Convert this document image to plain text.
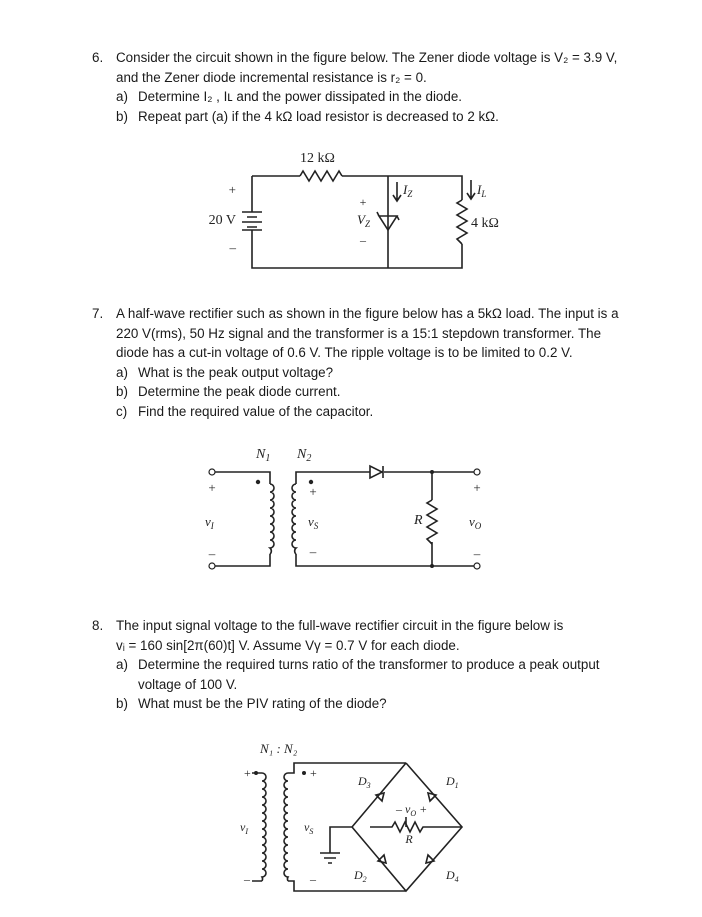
6. Consider the circuit shown in the figure below. The Zener diode voltage is V₂ = 3.9 V,
and the Zener diode incremental resistance is r₂ = 0.
a) Determine I₂ , Iʟ and the power dissipated in the diode.
b) Repeat part (a) if the 4 kΩ load resistor is decreased to 2 kΩ.
12 kΩ
+
20 V
–
+
$V_Z$
–
$I_Z$	$I_L$
4 kΩ
7. A half-wave rectifier such as shown in the figure below has a 5kΩ load. The input is a
220 V(rms), 50 Hz signal and the transformer is a 15:1 stepdown transformer. The
diode has a cut-in voltage of 0.6 V. The ripple voltage is to be limited to 0.2 V.
a) What is the peak output voltage?
b) Determine the peak diode current.
c) Find the required value of the capacitor.
$N_1$ $N_2$
R
+
$v_I$
–
+
$v_S$
–
+
$v_O$
–
8. The input signal voltage to the full-wave rectifier circuit in the figure below is
vᵢ = 160 sin[2π(60)t] V. Assume Vγ = 0.7 V for each diode.
a) Determine the required turns ratio of the transformer to produce a peak output
voltage of 100 V.
b) What must be the PIV rating of the diode?
N₁ : N₂
R
– $v_O$ +
$D_3$	$D_1$
$D_2$	$D_4$
+
$v_I$
–
+
$v_S$
–
